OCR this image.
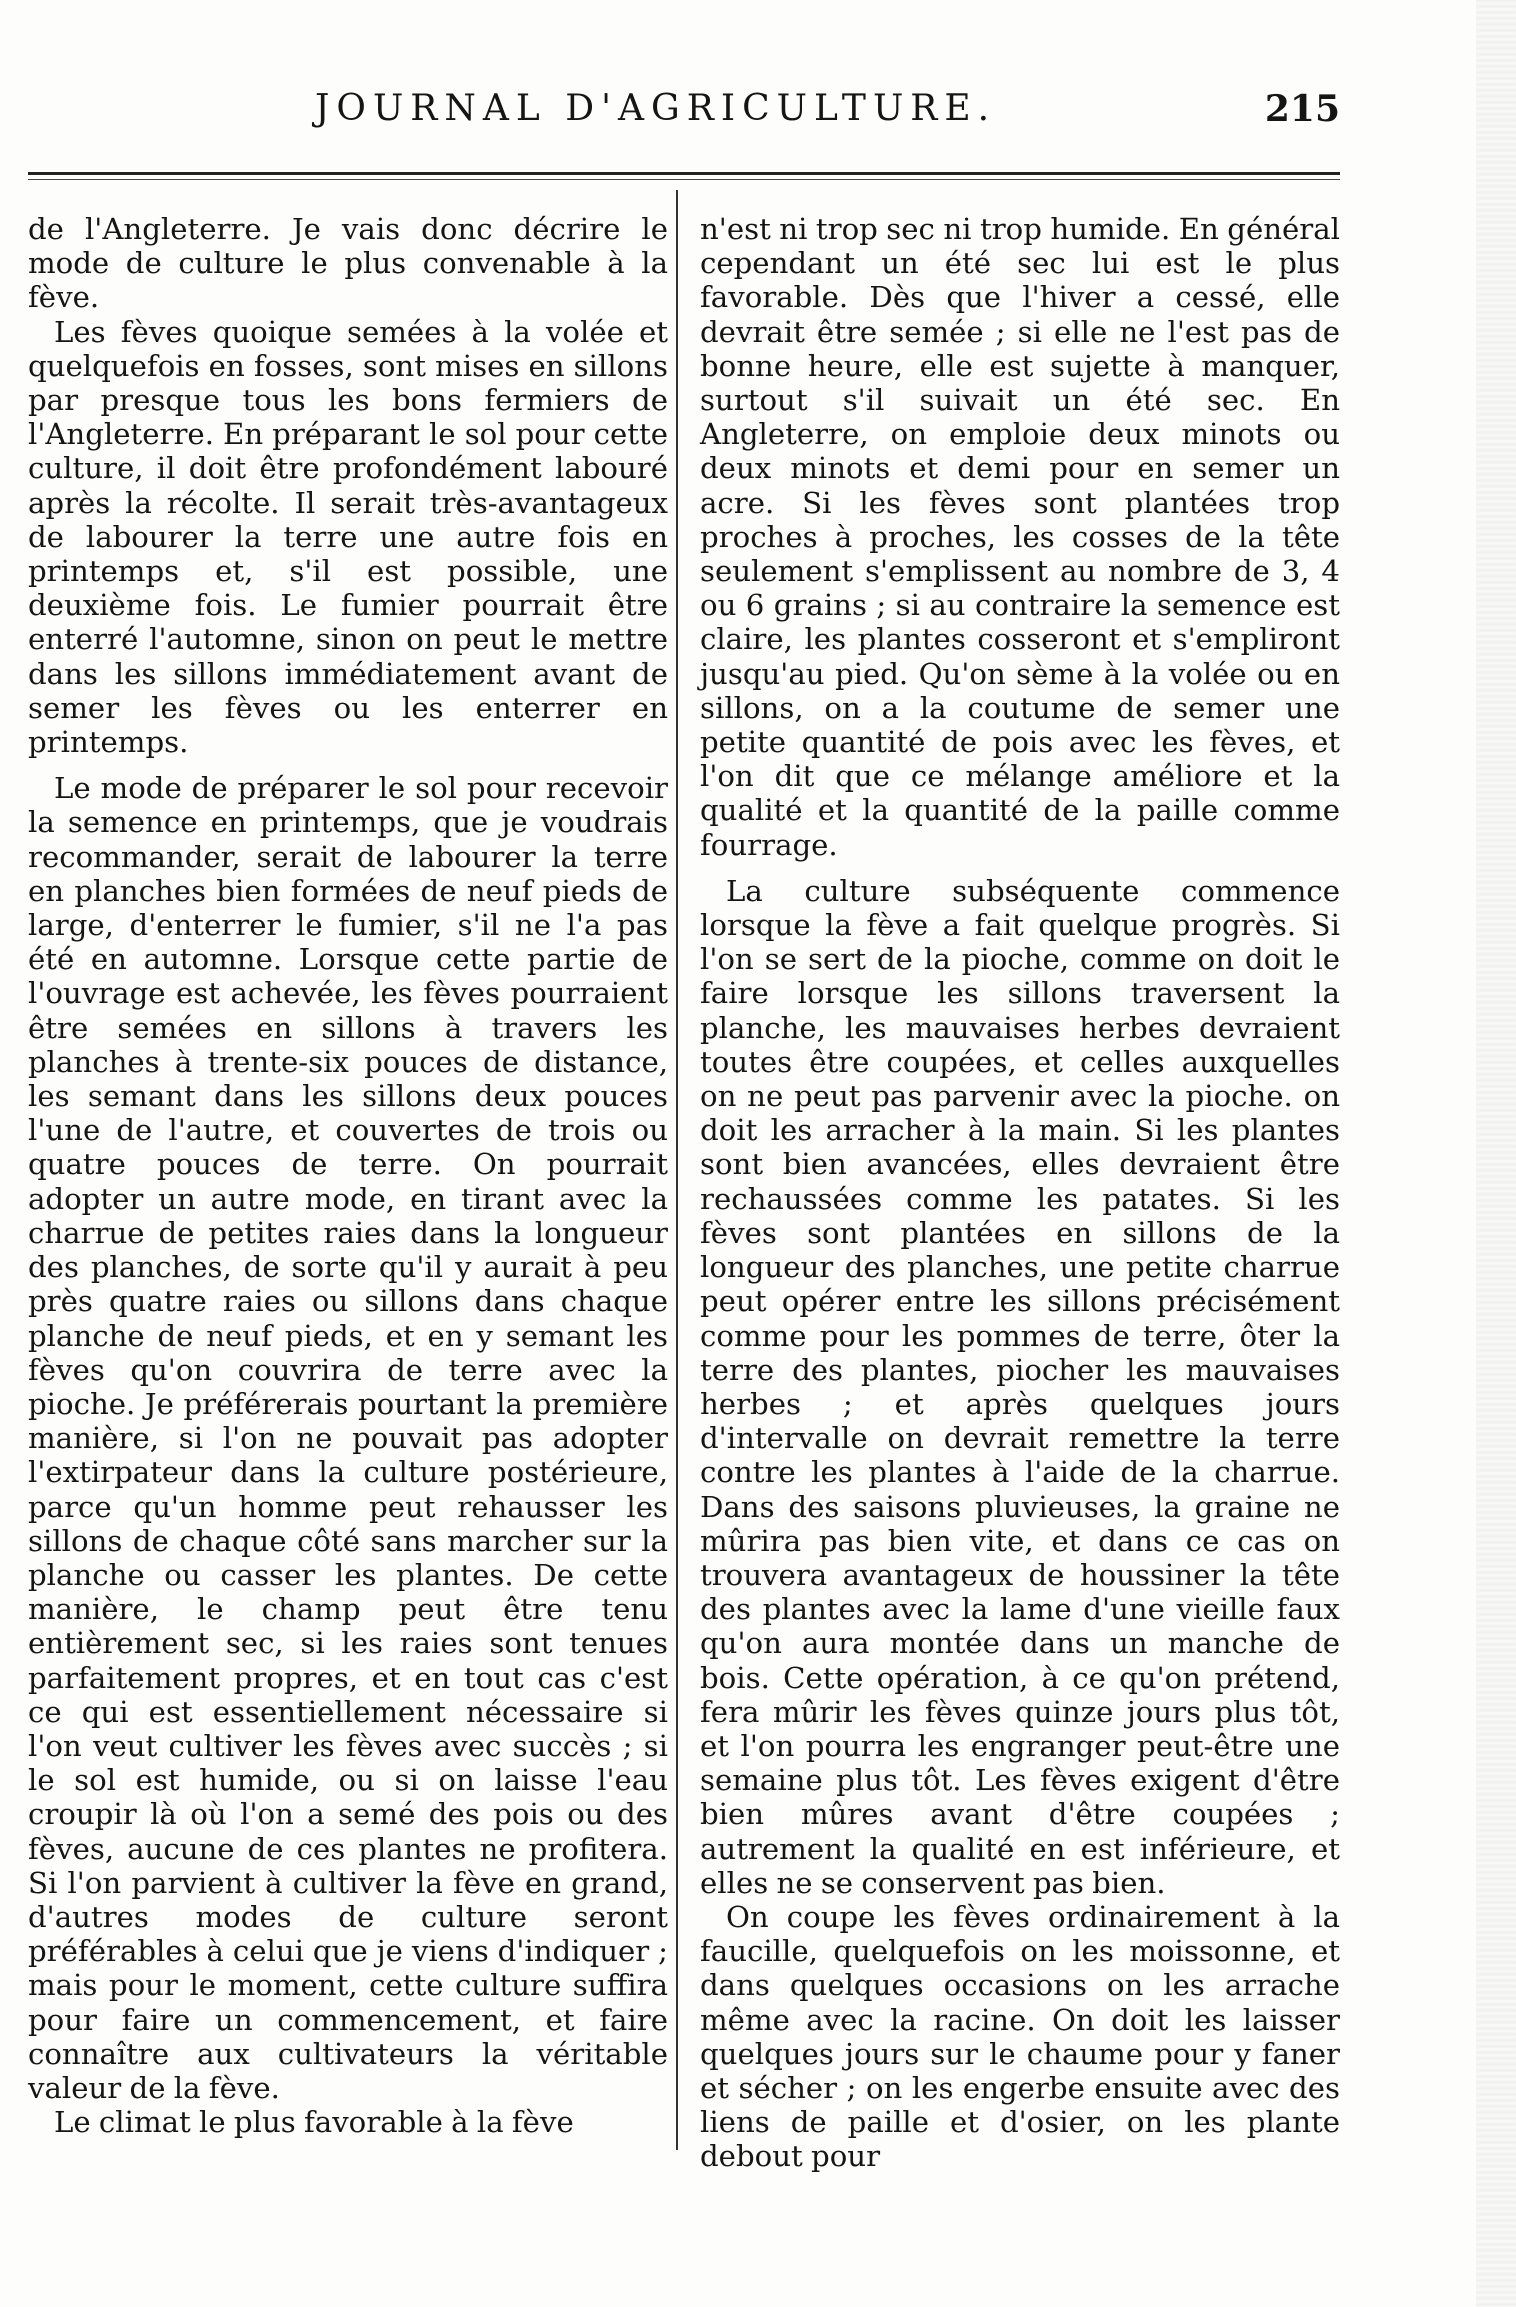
JOURNAL D'AGRICULTURE.	215

de l'Angleterre. Je vais donc décrire le mode de culture le plus convenable à la fève.

Les fèves quoique semées à la volée et quelquefois en fosses, sont mises en sillons par presque tous les bons fermiers de l'Angleterre. En préparant le sol pour cette culture, il doit être profondément labouré après la récolte. Il serait très-avantageux de labourer la terre une autre fois en printemps et, s'il est possible, une deuxième fois. Le fumier pourrait être enterré l'automne, sinon on peut le mettre dans les sillons immédiatement avant de semer les fèves ou les enterrer en printemps.

Le mode de préparer le sol pour recevoir la semence en printemps, que je voudrais recommander, serait de labourer la terre en planches bien formées de neuf pieds de large, d'enterrer le fumier, s'il ne l'a pas été en automne. Lorsque cette partie de l'ouvrage est achevée, les fèves pourraient être semées en sillons à travers les planches à trente-six pouces de distance, les semant dans les sillons deux pouces l'une de l'autre, et couvertes de trois ou quatre pouces de terre. On pourrait adopter un autre mode, en tirant avec la charrue de petites raies dans la longueur des planches, de sorte qu'il y aurait à peu près quatre raies ou sillons dans chaque planche de neuf pieds, et en y semant les fèves qu'on couvrira de terre avec la pioche. Je préférerais pourtant la première manière, si l'on ne pouvait pas adopter l'extirpateur dans la culture postérieure, parce qu'un homme peut rehausser les sillons de chaque côté sans marcher sur la planche ou casser les plantes. De cette manière, le champ peut être tenu entièrement sec, si les raies sont tenues parfaitement propres, et en tout cas c'est ce qui est essentiellement nécessaire si l'on veut cultiver les fèves avec succès ; si le sol est humide, ou si on laisse l'eau croupir là où l'on a semé des pois ou des fèves, aucune de ces plantes ne profitera. Si l'on parvient à cultiver la fève en grand, d'autres modes de culture seront préférables à celui que je viens d'indiquer ; mais pour le moment, cette culture suffira pour faire un commencement, et faire connaître aux cultivateurs la véritable valeur de la fève.

Le climat le plus favorable à la fève

n'est ni trop sec ni trop humide. En général cependant un été sec lui est le plus favorable. Dès que l'hiver a cessé, elle devrait être semée ; si elle ne l'est pas de bonne heure, elle est sujette à manquer, surtout s'il suivait un été sec. En Angleterre, on emploie deux minots ou deux minots et demi pour en semer un acre. Si les fèves sont plantées trop proches à proches, les cosses de la tête seulement s'emplissent au nombre de 3, 4 ou 6 grains ; si au contraire la semence est claire, les plantes cosseront et s'empliront jusqu'au pied. Qu'on sème à la volée ou en sillons, on a la coutume de semer une petite quantité de pois avec les fèves, et l'on dit que ce mélange améliore et la qualité et la quantité de la paille comme fourrage.

La culture subséquente commence lorsque la fève a fait quelque progrès. Si l'on se sert de la pioche, comme on doit le faire lorsque les sillons traversent la planche, les mauvaises herbes devraient toutes être coupées, et celles auxquelles on ne peut pas parvenir avec la pioche. on doit les arracher à la main. Si les plantes sont bien avancées, elles devraient être rechaussées comme les patates. Si les fèves sont plantées en sillons de la longueur des planches, une petite charrue peut opérer entre les sillons précisément comme pour les pommes de terre, ôter la terre des plantes, piocher les mauvaises herbes ; et après quelques jours d'intervalle on devrait remettre la terre contre les plantes à l'aide de la charrue. Dans des saisons pluvieuses, la graine ne mûrira pas bien vite, et dans ce cas on trouvera avantageux de houssiner la tête des plantes avec la lame d'une vieille faux qu'on aura montée dans un manche de bois. Cette opération, à ce qu'on prétend, fera mûrir les fèves quinze jours plus tôt, et l'on pourra les engranger peut-être une semaine plus tôt. Les fèves exigent d'être bien mûres avant d'être coupées ; autrement la qualité en est inférieure, et elles ne se conservent pas bien.

On coupe les fèves ordinairement à la faucille, quelquefois on les moissonne, et dans quelques occasions on les arrache même avec la racine. On doit les laisser quelques jours sur le chaume pour y faner et sécher ; on les engerbe ensuite avec des liens de paille et d'osier, on les plante debout pour
